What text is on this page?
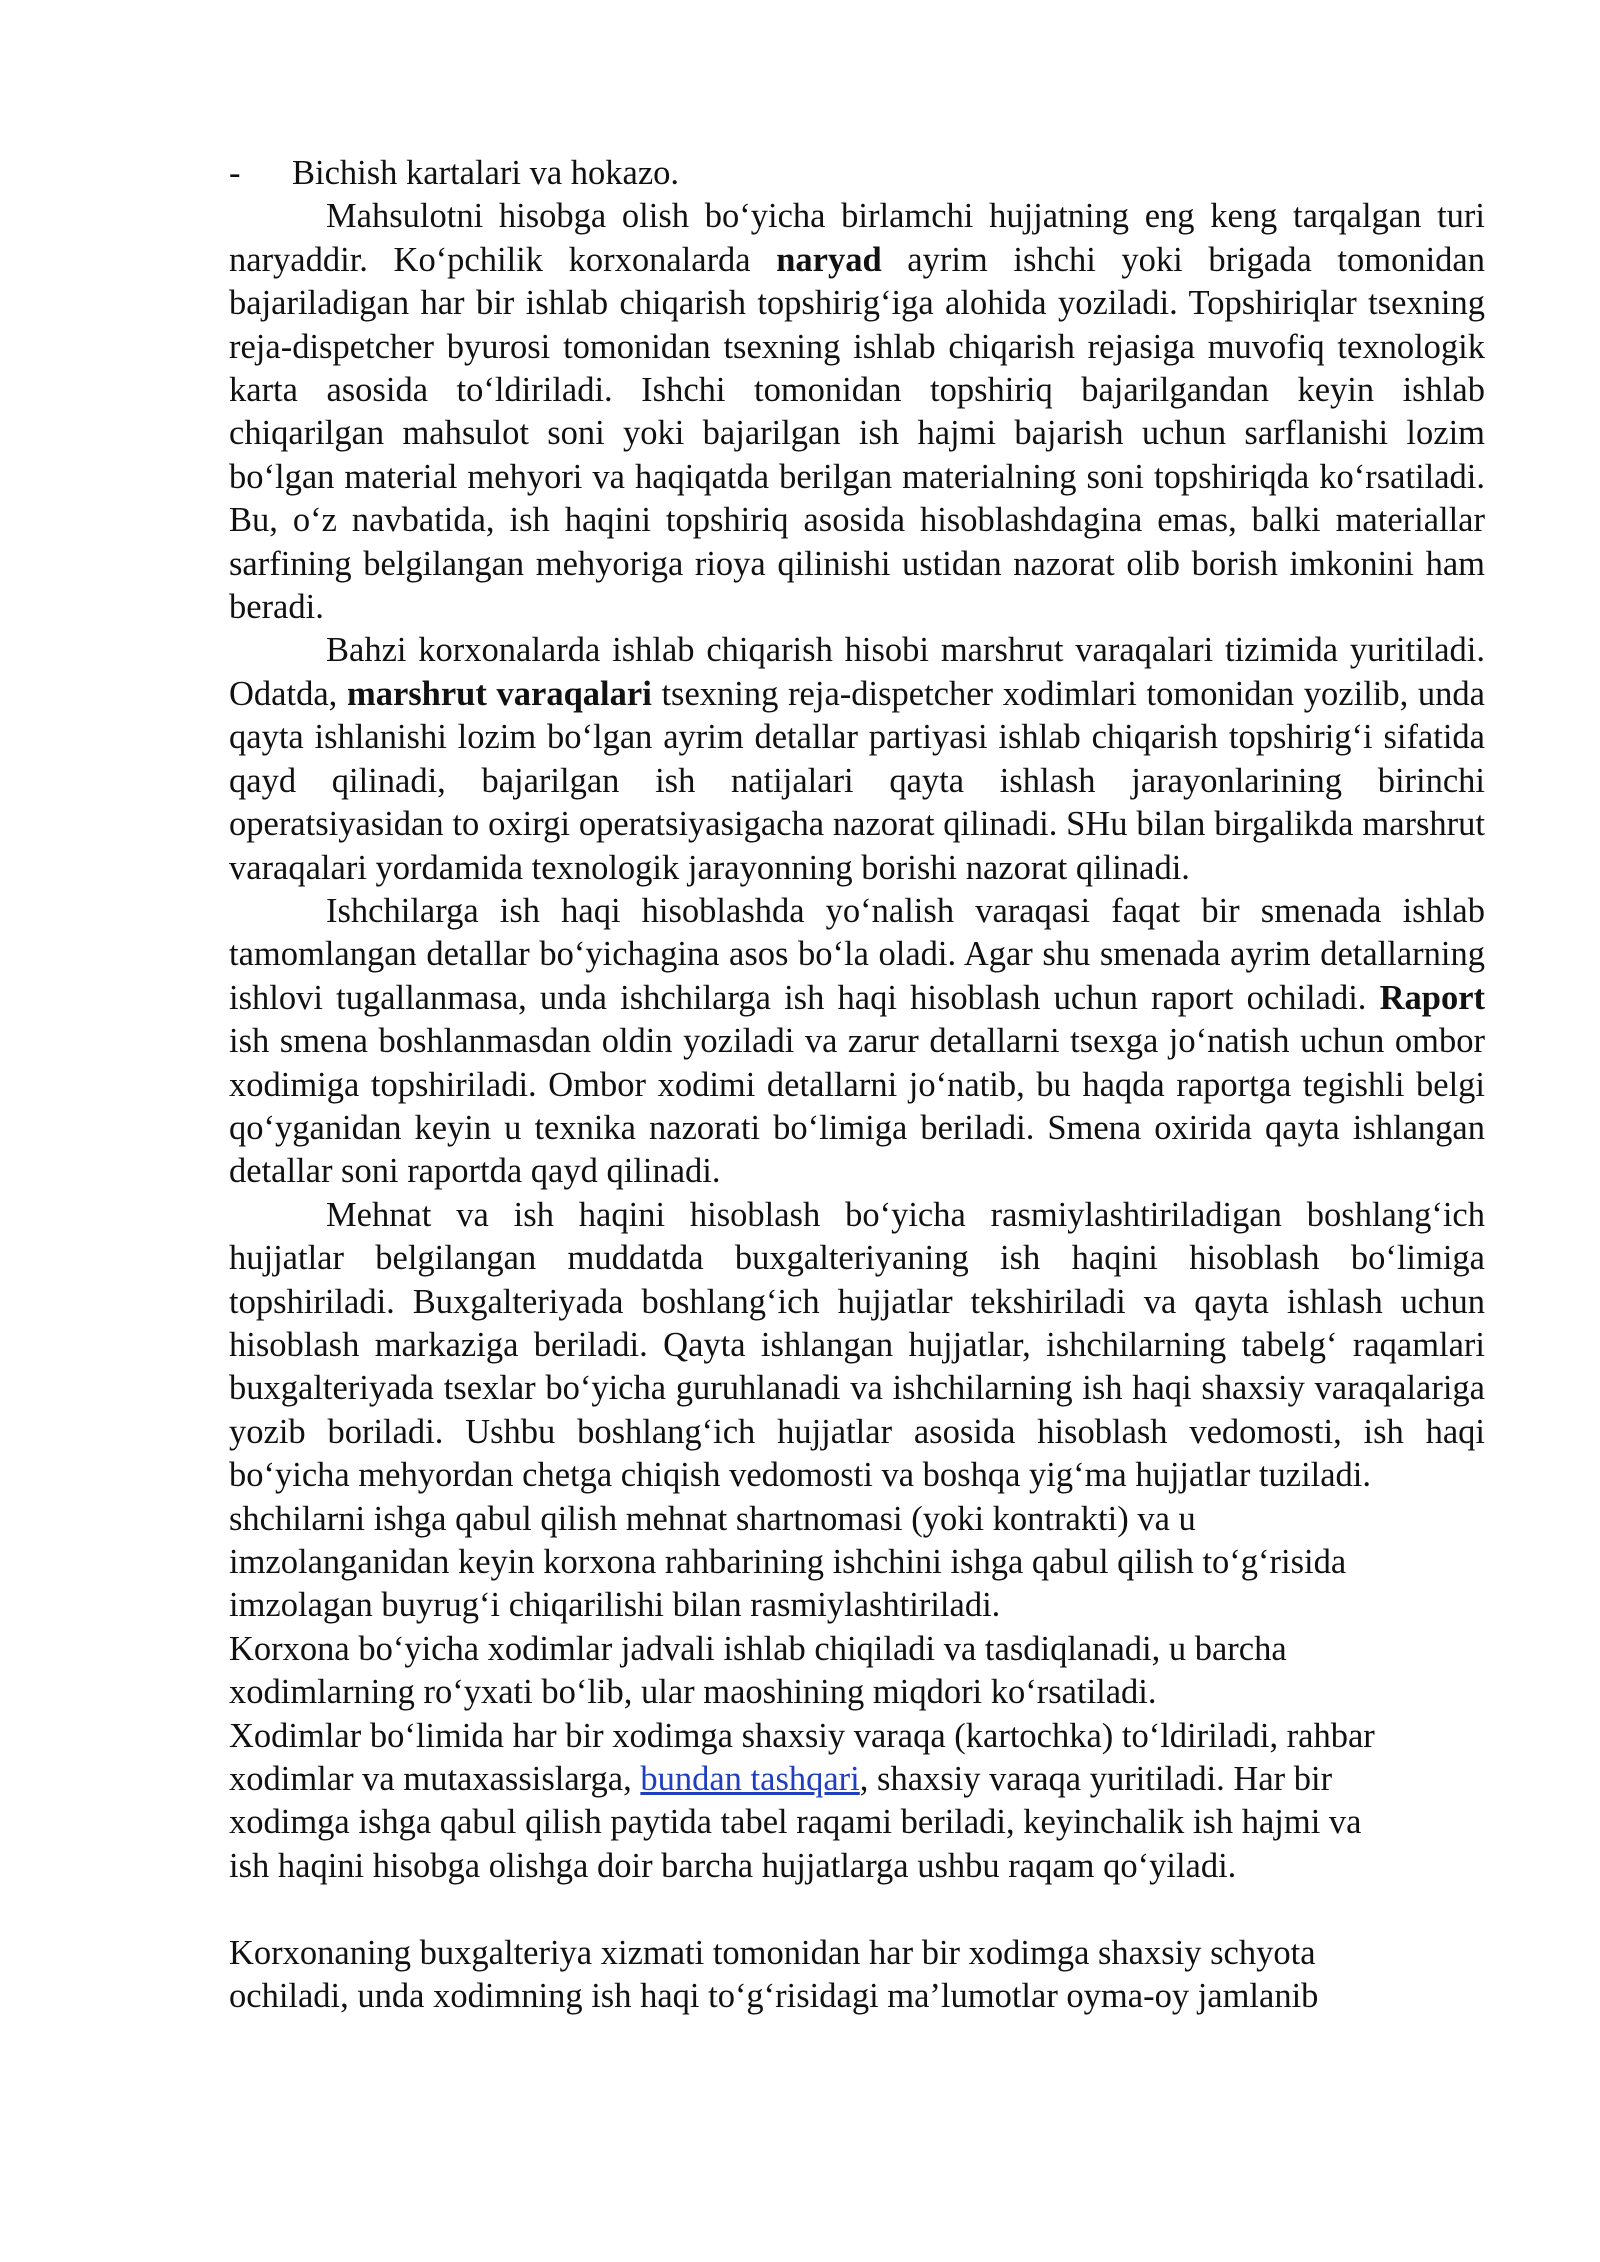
-	Bichish kartalari va hokazo.

Mahsulotni hisobga olish bo‘yicha birlamchi hujjatning eng keng tarqalgan turi naryaddir. Ko‘pchilik korxonalarda naryad ayrim ishchi yoki brigada tomonidan bajariladigan har bir ishlab chiqarish topshirig‘iga alohida yoziladi. Topshiriqlar tsexning reja-dispetcher byurosi tomonidan tsexning ishlab chiqarish rejasiga muvofiq texnologik karta asosida to‘ldiriladi. Ishchi tomonidan topshiriq bajarilgandan keyin ishlab chiqarilgan mahsulot soni yoki bajarilgan ish hajmi bajarish uchun sarflanishi lozim bo‘lgan material mehyori va haqiqatda berilgan materialning soni topshiriqda ko‘rsatiladi. Bu, o‘z navbatida, ish haqini topshiriq asosida hisoblashdagina emas, balki materiallar sarfining belgilangan mehyoriga rioya qilinishi ustidan nazorat olib borish imkonini ham beradi.

Bahzi korxonalarda ishlab chiqarish hisobi marshrut varaqalari tizimida yuritiladi. Odatda, marshrut varaqalari tsexning reja-dispetcher xodimlari tomonidan yozilib, unda qayta ishlanishi lozim bo‘lgan ayrim detallar partiyasi ishlab chiqarish topshirig‘i sifatida qayd qilinadi, bajarilgan ish natijalari qayta ishlash jarayonlarining birinchi operatsiyasidan to oxirgi operatsiyasigacha nazorat qilinadi. SHu bilan birgalikda marshrut varaqalari yordamida texnologik jarayonning borishi nazorat qilinadi.

Ishchilarga ish haqi hisoblashda yo‘nalish varaqasi faqat bir smenada ishlab tamomlangan detallar bo‘yichagina asos bo‘la oladi. Agar shu smenada ayrim detallarning ishlovi tugallanmasa, unda ishchilarga ish haqi hisoblash uchun raport ochiladi. Raport ish smena boshlanmasdan oldin yoziladi va zarur detallarni tsexga jo‘natish uchun ombor xodimiga topshiriladi. Ombor xodimi detallarni jo‘natib, bu haqda raportga tegishli belgi qo‘yganidan keyin u texnika nazorati bo‘limiga beriladi. Smena oxirida qayta ishlangan detallar soni raportda qayd qilinadi.

Mehnat va ish haqini hisoblash bo‘yicha rasmiylashtiriladigan boshlang‘ich hujjatlar belgilangan muddatda buxgalteriyaning ish haqini hisoblash bo‘limiga topshiriladi. Buxgalteriyada boshlang‘ich hujjatlar tekshiriladi va qayta ishlash uchun hisoblash markaziga beriladi. Qayta ishlangan hujjatlar, ishchilarning tabelg‘ raqamlari buxgalteriyada tsexlar bo‘yicha guruhlanadi va ishchilarning ish haqi shaxsiy varaqalariga yozib boriladi. Ushbu boshlang‘ich hujjatlar asosida hisoblash vedomosti, ish haqi bo‘yicha mehyordan chetga chiqish vedomosti va boshqa yig‘ma hujjatlar tuziladi.

shchilarni ishga qabul qilish mehnat shartnomasi (yoki kontrakti) va u
imzolanganidan keyin korxona rahbarining ishchini ishga qabul qilish to‘g‘risida
imzolagan buyrug‘i chiqarilishi bilan rasmiylashtiriladi.

Korxona bo‘yicha xodimlar jadvali ishlab chiqiladi va tasdiqlanadi, u barcha
xodimlarning ro‘yxati bo‘lib, ular maoshining miqdori ko‘rsatiladi.

Xodimlar bo‘limida har bir xodimga shaxsiy varaqa (kartochka) to‘ldiriladi, rahbar
xodimlar va mutaxassislarga, bundan tashqari, shaxsiy varaqa yuritiladi. Har bir
xodimga ishga qabul qilish paytida tabel raqami beriladi, keyinchalik ish hajmi va
ish haqini hisobga olishga doir barcha hujjatlarga ushbu raqam qo‘yiladi.

Korxonaning buxgalteriya xizmati tomonidan har bir xodimga shaxsiy schyota
ochiladi, unda xodimning ish haqi to‘g‘risidagi ma’lumotlar oyma-oy jamlanib
